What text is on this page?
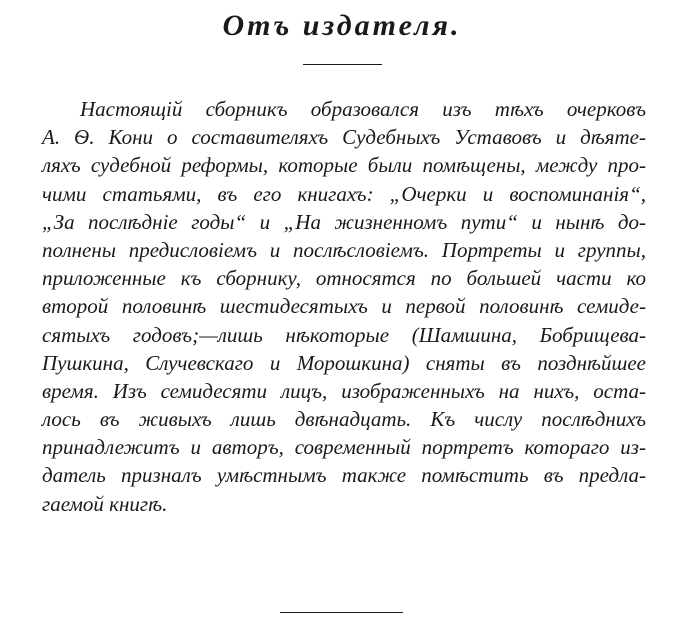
Отъ издателя.
Настоящій сборникъ образовался изъ тѣхъ очерковъ
А. Ѳ. Кони о составителяхъ Судебныхъ Уставовъ и дѣяте-
ляхъ судебной реформы, которые были помѣщены, между про-
чими статьями, въ его книгахъ: „Очерки и воспоминанія“,
„За послѣдніе годы“ и „На жизненномъ пути“ и нынѣ до-
полнены предисловіемъ и послѣсловіемъ. Портреты и группы,
приложенные къ сборнику, относятся по большей части ко
второй половинѣ шестидесятыхъ и первой половинѣ семиде-
сятыхъ годовъ;—лишь нѣкоторые (Шамшина, Бобрищева-
Пушкина, Случевскаго и Морошкина) сняты въ позднѣйшее
время. Изъ семидесяти лицъ, изображенныхъ на нихъ, оста-
лось въ живыхъ лишь двѣнадцать. Къ числу послѣднихъ
принадлежитъ и авторъ, современный портретъ котораго из-
датель призналъ умѣстнымъ также помѣстить въ предла-
гаемой книгѣ.
